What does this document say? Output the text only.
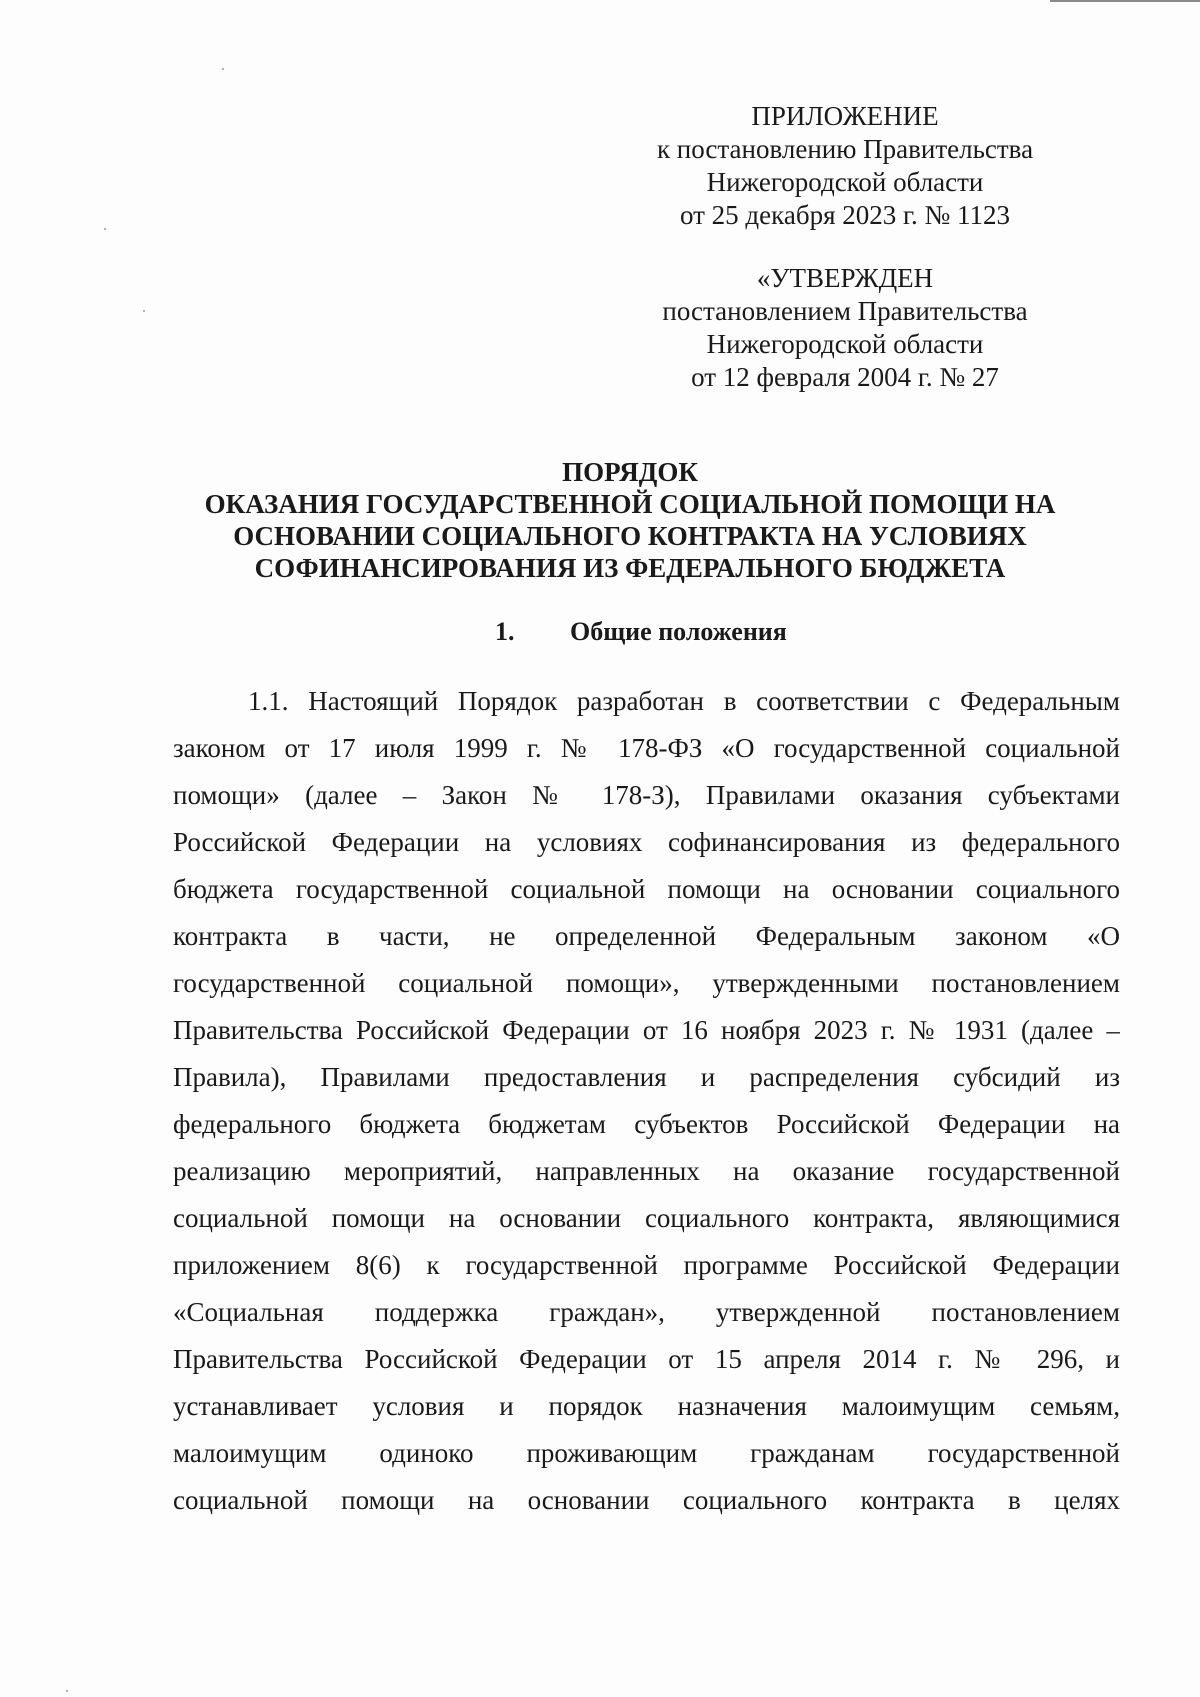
ПРИЛОЖЕНИЕ
к постановлению Правительства
Нижегородской области
от 25 декабря 2023 г. № 1123
«УТВЕРЖДЕН
постановлением Правительства
Нижегородской области
от 12 февраля 2004 г. № 27
ПОРЯДОК
ОКАЗАНИЯ ГОСУДАРСТВЕННОЙ СОЦИАЛЬНОЙ ПОМОЩИ НА
ОСНОВАНИИ СОЦИАЛЬНОГО КОНТРАКТА НА УСЛОВИЯХ
СОФИНАНСИРОВАНИЯ ИЗ ФЕДЕРАЛЬНОГО БЮДЖЕТА
1. Общие положения
1.1. Настоящий Порядок разработан в соответствии с Федеральным
законом от 17 июля 1999 г. № 178-ФЗ «О государственной социальной
помощи» (далее – Закон № 178-З), Правилами оказания субъектами
Российской Федерации на условиях софинансирования из федерального
бюджета государственной социальной помощи на основании социального
контракта в части, не определенной Федеральным законом «О
государственной социальной помощи», утвержденными постановлением
Правительства Российской Федерации от 16 ноября 2023 г. № 1931 (далее –
Правила), Правилами предоставления и распределения субсидий из
федерального бюджета бюджетам субъектов Российской Федерации на
реализацию мероприятий, направленных на оказание государственной
социальной помощи на основании социального контракта, являющимися
приложением 8(6) к государственной программе Российской Федерации
«Социальная поддержка граждан», утвержденной постановлением
Правительства Российской Федерации от 15 апреля 2014 г. № 296, и
устанавливает условия и порядок назначения малоимущим семьям,
малоимущим одиноко проживающим гражданам государственной
социальной помощи на основании социального контракта в целях
